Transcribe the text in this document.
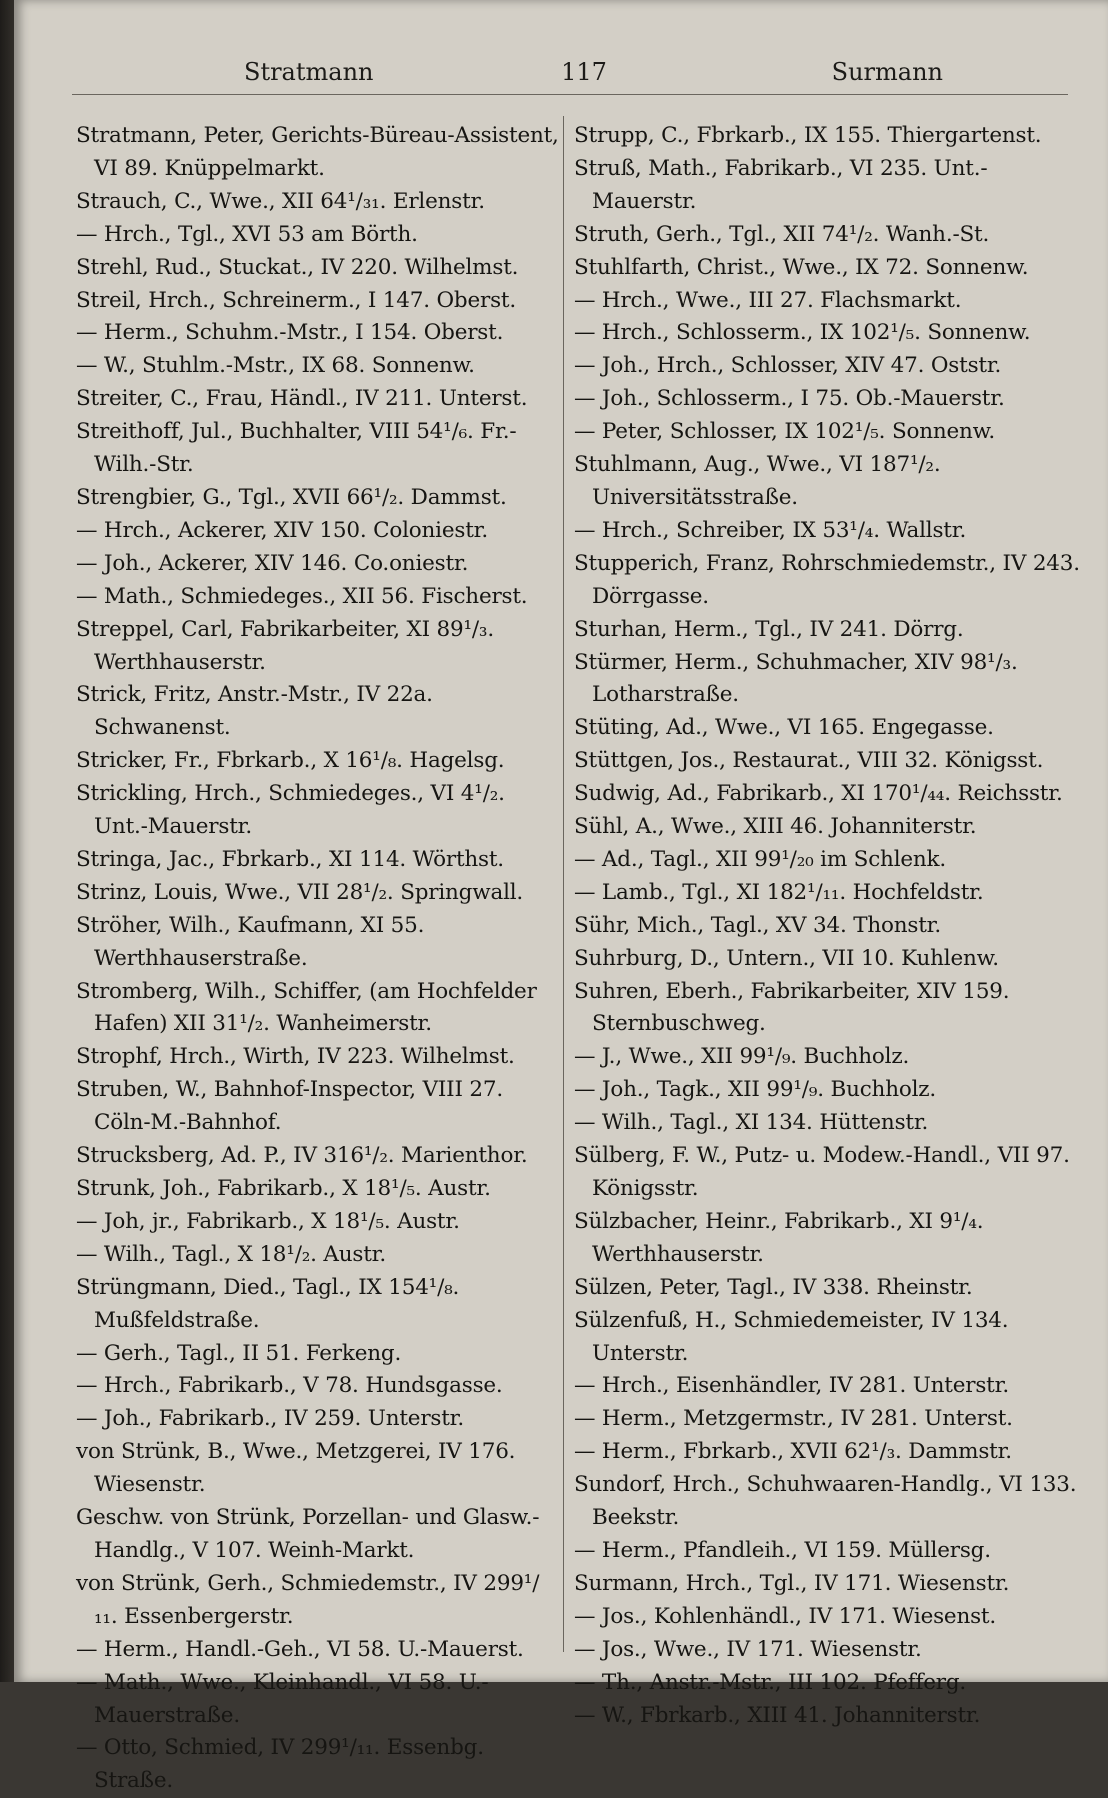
Stratmann	117	Surmann

Stratmann, Peter, Gerichts-Büreau-Assistent, VI 89. Knüppelmarkt.

Strauch, C., Wwe., XII 64¹/₃₁. Erlenstr.

— Hrch., Tgl., XVI 53 am Börth.

Strehl, Rud., Stuckat., IV 220. Wilhelmst.

Streil, Hrch., Schreinerm., I 147. Oberst.

— Herm., Schuhm.-Mstr., I 154. Oberst.

— W., Stuhlm.-Mstr., IX 68. Sonnenw.

Streiter, C., Frau, Händl., IV 211. Unterst.

Streithoff, Jul., Buchhalter, VIII 54¹/₆. Fr.-Wilh.-Str.

Strengbier, G., Tgl., XVII 66¹/₂. Dammst.

— Hrch., Ackerer, XIV 150. Coloniestr.

— Joh., Ackerer, XIV 146. Co.oniestr.

— Math., Schmiedeges., XII 56. Fischerst.

Streppel, Carl, Fabrikarbeiter, XI 89¹/₃. Werthhauserstr.

Strick, Fritz, Anstr.-Mstr., IV 22a. Schwanenst.

Stricker, Fr., Fbrkarb., X 16¹/₈. Hagelsg.

Strickling, Hrch., Schmiedeges., VI 4¹/₂. Unt.-Mauerstr.

Stringa, Jac., Fbrkarb., XI 114. Wörthst.

Strinz, Louis, Wwe., VII 28¹/₂. Springwall.

Ströher, Wilh., Kaufmann, XI 55. Werthhauserstraße.

Stromberg, Wilh., Schiffer, (am Hochfelder Hafen) XII 31¹/₂. Wanheimerstr.

Strophf, Hrch., Wirth, IV 223. Wilhelmst.

Struben, W., Bahnhof-Inspector, VIII 27. Cöln-M.-Bahnhof.

Strucksberg, Ad. P., IV 316¹/₂. Marienthor.

Strunk, Joh., Fabrikarb., X 18¹/₅. Austr.

— Joh, jr., Fabrikarb., X 18¹/₅. Austr.

— Wilh., Tagl., X 18¹/₂. Austr.

Strüngmann, Died., Tagl., IX 154¹/₈. Mußfeldstraße.

— Gerh., Tagl., II 51. Ferkeng.

— Hrch., Fabrikarb., V 78. Hundsgasse.

— Joh., Fabrikarb., IV 259. Unterstr.

von Strünk, B., Wwe., Metzgerei, IV 176. Wiesenstr.

Geschw. von Strünk, Porzellan- und Glasw.-Handlg., V 107. Weinh-Markt.

von Strünk, Gerh., Schmiedemstr., IV 299¹/₁₁. Essenbergerstr.

— Herm., Handl.-Geh., VI 58. U.-Mauerst.

— Math., Wwe., Kleinhandl., VI 58. U.-Mauerstraße.

— Otto, Schmied, IV 299¹/₁₁. Essenbg. Straße.

Strupp, C., Fbrkarb., IX 155. Thiergartenst.

Struß, Math., Fabrikarb., VI 235. Unt.-Mauerstr.

Struth, Gerh., Tgl., XII 74¹/₂. Wanh.-St.

Stuhlfarth, Christ., Wwe., IX 72. Sonnenw.

— Hrch., Wwe., III 27. Flachsmarkt.

— Hrch., Schlosserm., IX 102¹/₅. Sonnenw.

— Joh., Hrch., Schlosser, XIV 47. Oststr.

— Joh., Schlosserm., I 75. Ob.-Mauerstr.

— Peter, Schlosser, IX 102¹/₅. Sonnenw.

Stuhlmann, Aug., Wwe., VI 187¹/₂. Universitätsstraße.

— Hrch., Schreiber, IX 53¹/₄. Wallstr.

Stupperich, Franz, Rohrschmiedemstr., IV 243. Dörrgasse.

Sturhan, Herm., Tgl., IV 241. Dörrg.

Stürmer, Herm., Schuhmacher, XIV 98¹/₃. Lotharstraße.

Stüting, Ad., Wwe., VI 165. Engegasse.

Stüttgen, Jos., Restaurat., VIII 32. Königsst.

Sudwig, Ad., Fabrikarb., XI 170¹/₄₄. Reichsstr.

Sühl, A., Wwe., XIII 46. Johanniterstr.

— Ad., Tagl., XII 99¹/₂₀ im Schlenk.

— Lamb., Tgl., XI 182¹/₁₁. Hochfeldstr.

Sühr, Mich., Tagl., XV 34. Thonstr.

Suhrburg, D., Untern., VII 10. Kuhlenw.

Suhren, Eberh., Fabrikarbeiter, XIV 159. Sternbuschweg.

— J., Wwe., XII 99¹/₉. Buchholz.

— Joh., Tagk., XII 99¹/₉. Buchholz.

— Wilh., Tagl., XI 134. Hüttenstr.

Sülberg, F. W., Putz- u. Modew.-Handl., VII 97. Königsstr.

Sülzbacher, Heinr., Fabrikarb., XI 9¹/₄. Werthhauserstr.

Sülzen, Peter, Tagl., IV 338. Rheinstr.

Sülzenfuß, H., Schmiedemeister, IV 134. Unterstr.

— Hrch., Eisenhändler, IV 281. Unterstr.

— Herm., Metzgermstr., IV 281. Unterst.

— Herm., Fbrkarb., XVII 62¹/₃. Dammstr.

Sundorf, Hrch., Schuhwaaren-Handlg., VI 133. Beekstr.

— Herm., Pfandleih., VI 159. Müllersg.

Surmann, Hrch., Tgl., IV 171. Wiesenstr.

— Jos., Kohlenhändl., IV 171. Wiesenst.

— Jos., Wwe., IV 171. Wiesenstr.

— Th., Anstr.-Mstr., III 102. Pfefferg.

— W., Fbrkarb., XIII 41. Johanniterstr.
